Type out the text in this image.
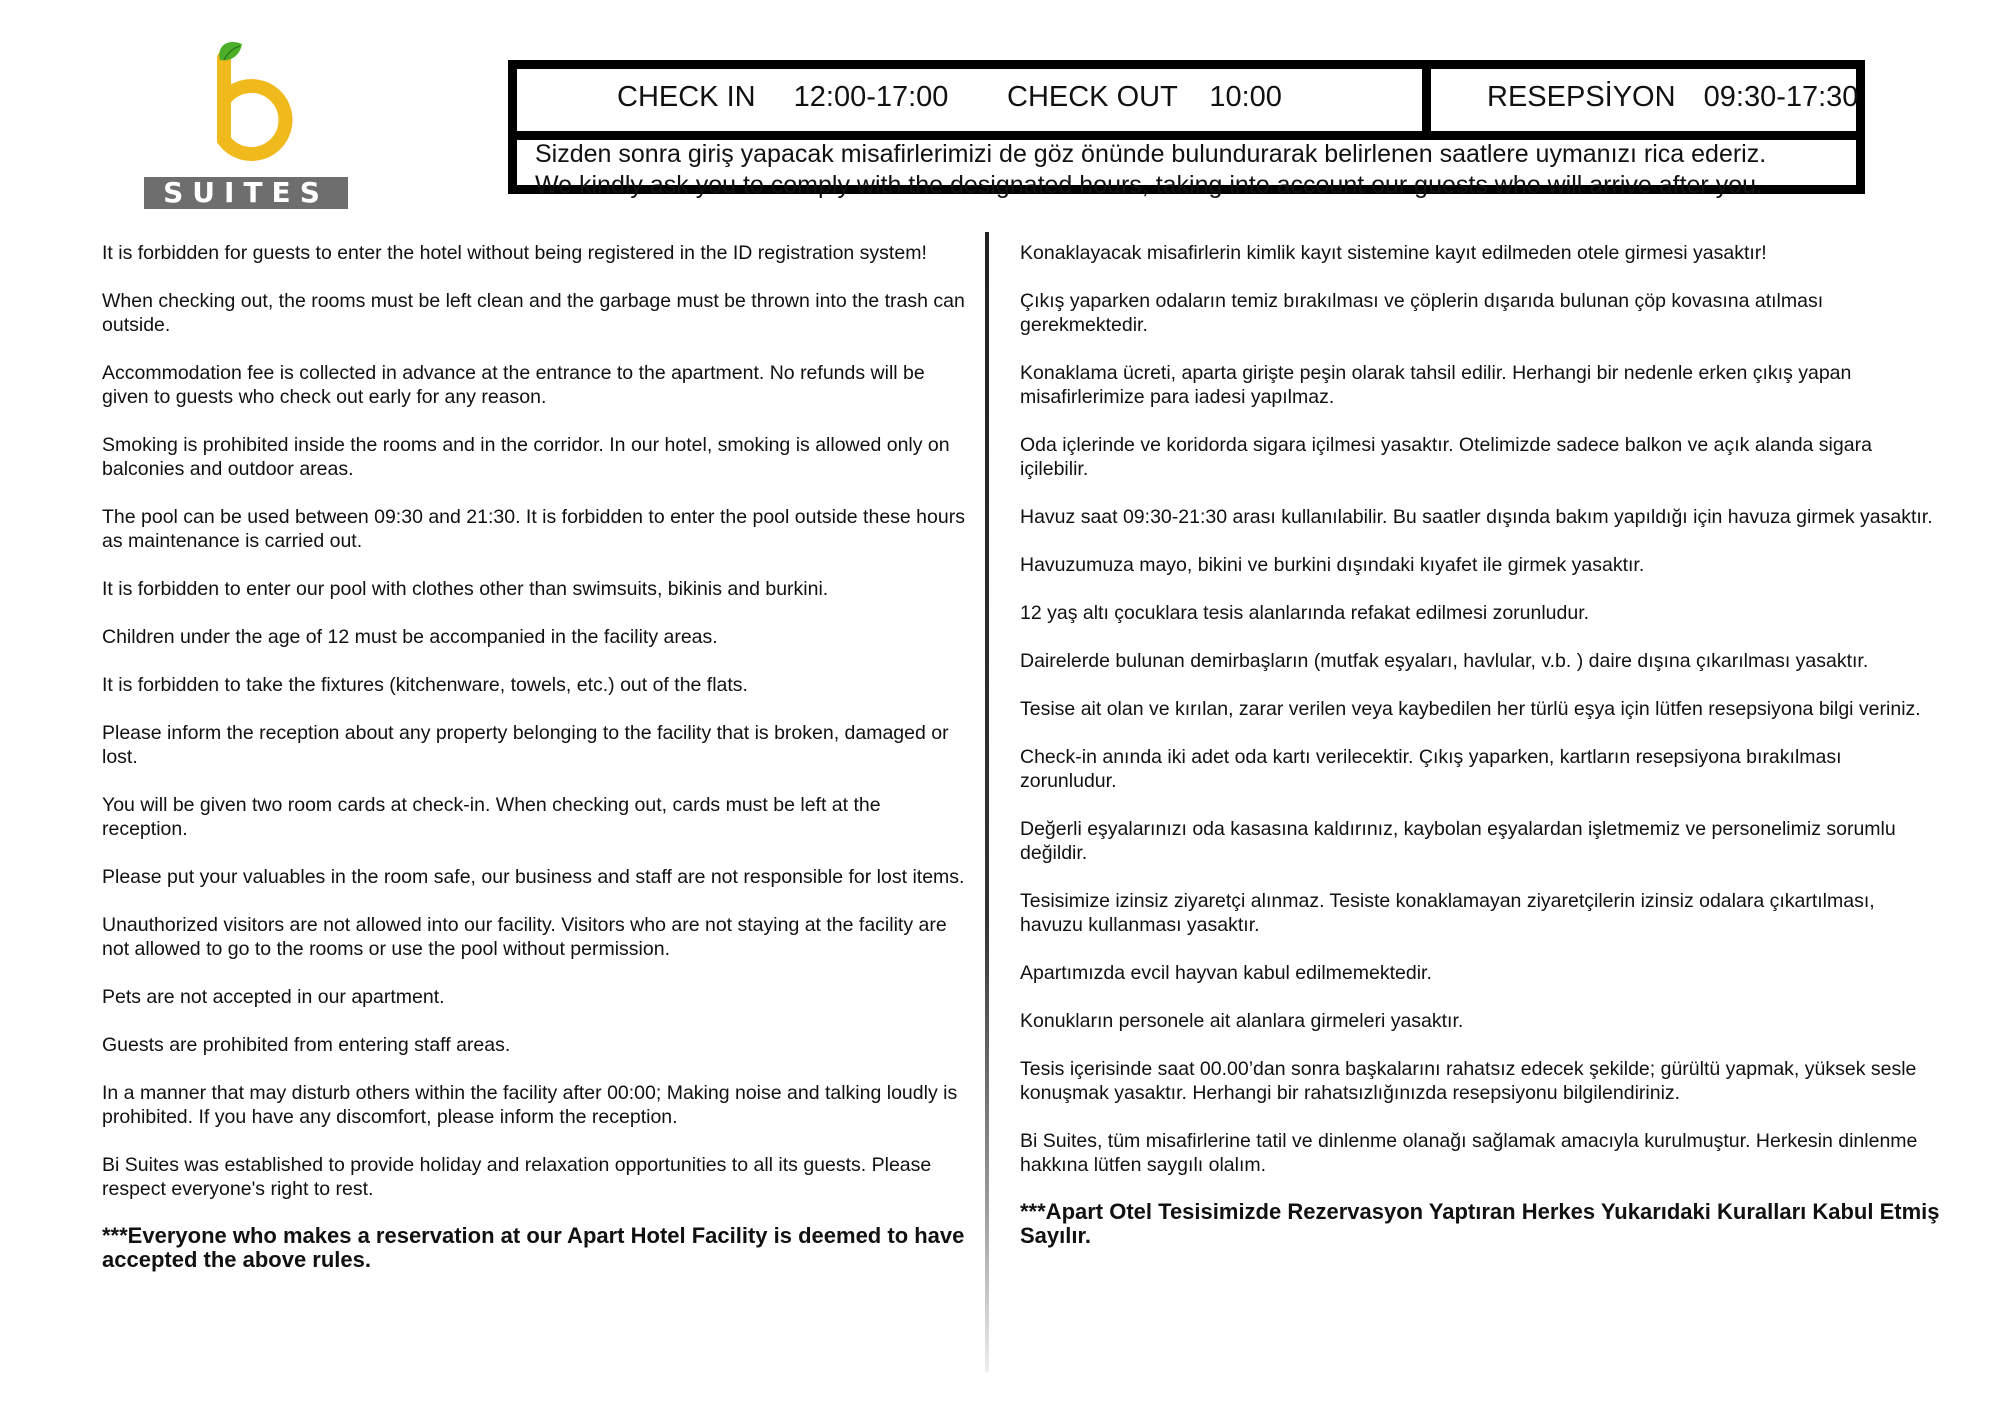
SUITES
CHECK IN 12:00-17:00 CHECK OUT 10:00	RESEPSİYON 09:30-17:30
Sizden sonra giriş yapacak misafirlerimizi de göz önünde bulundurarak belirlenen saatlere uymanızı rica ederiz.
We kindly ask you to comply with the designated hours, taking into account our guests who will arrive after you.

It is forbidden for guests to enter the hotel without being registered in the ID registration system!

When checking out, the rooms must be left clean and the garbage must be thrown into the trash can outside.

Accommodation fee is collected in advance at the entrance to the apartment. No refunds will be given to guests who check out early for any reason.

Smoking is prohibited inside the rooms and in the corridor. In our hotel, smoking is allowed only on balconies and outdoor areas.

The pool can be used between 09:30 and 21:30. It is forbidden to enter the pool outside these hours as maintenance is carried out.

It is forbidden to enter our pool with clothes other than swimsuits, bikinis and burkini.

Children under the age of 12 must be accompanied in the facility areas.

It is forbidden to take the fixtures (kitchenware, towels, etc.) out of the flats.

Please inform the reception about any property belonging to the facility that is broken, damaged or lost.

You will be given two room cards at check-in. When checking out, cards must be left at the reception.

Please put your valuables in the room safe, our business and staff are not responsible for lost items.

Unauthorized visitors are not allowed into our facility. Visitors who are not staying at the facility are not allowed to go to the rooms or use the pool without permission.

Pets are not accepted in our apartment.

Guests are prohibited from entering staff areas.

In a manner that may disturb others within the facility after 00:00; Making noise and talking loudly is prohibited. If you have any discomfort, please inform the reception.

Bi Suites was established to provide holiday and relaxation opportunities to all its guests. Please respect everyone's right to rest.

***Everyone who makes a reservation at our Apart Hotel Facility is deemed to have accepted the above rules.

Konaklayacak misafirlerin kimlik kayıt sistemine kayıt edilmeden otele girmesi yasaktır!

Çıkış yaparken odaların temiz bırakılması ve çöplerin dışarıda bulunan çöp kovasına atılması gerekmektedir.

Konaklama ücreti, aparta girişte peşin olarak tahsil edilir. Herhangi bir nedenle erken çıkış yapan misafirlerimize para iadesi yapılmaz.

Oda içlerinde ve koridorda sigara içilmesi yasaktır. Otelimizde sadece balkon ve açık alanda sigara içilebilir.

Havuz saat 09:30-21:30 arası kullanılabilir. Bu saatler dışında bakım yapıldığı için havuza girmek yasaktır.

Havuzumuza mayo, bikini ve burkini dışındaki kıyafet ile girmek yasaktır.

12 yaş altı çocuklara tesis alanlarında refakat edilmesi zorunludur.

Dairelerde bulunan demirbaşların (mutfak eşyaları, havlular, v.b. ) daire dışına çıkarılması yasaktır.

Tesise ait olan ve kırılan, zarar verilen veya kaybedilen her türlü eşya için lütfen resepsiyona bilgi veriniz.

Check-in anında iki adet oda kartı verilecektir. Çıkış yaparken, kartların resepsiyona bırakılması zorunludur.

Değerli eşyalarınızı oda kasasına kaldırınız, kaybolan eşyalardan işletmemiz ve personelimiz sorumlu değildir.

Tesisimize izinsiz ziyaretçi alınmaz. Tesiste konaklamayan ziyaretçilerin izinsiz odalara çıkartılması, havuzu kullanması yasaktır.

Apartımızda evcil hayvan kabul edilmemektedir.

Konukların personele ait alanlara girmeleri yasaktır.

Tesis içerisinde saat 00.00’dan sonra başkalarını rahatsız edecek şekilde; gürültü yapmak, yüksek sesle konuşmak yasaktır. Herhangi bir rahatsızlığınızda resepsiyonu bilgilendiriniz.

Bi Suites, tüm misafirlerine tatil ve dinlenme olanağı sağlamak amacıyla kurulmuştur. Herkesin dinlenme hakkına lütfen saygılı olalım.

***Apart Otel Tesisimizde Rezervasyon Yaptıran Herkes Yukarıdaki Kuralları Kabul Etmiş Sayılır.
